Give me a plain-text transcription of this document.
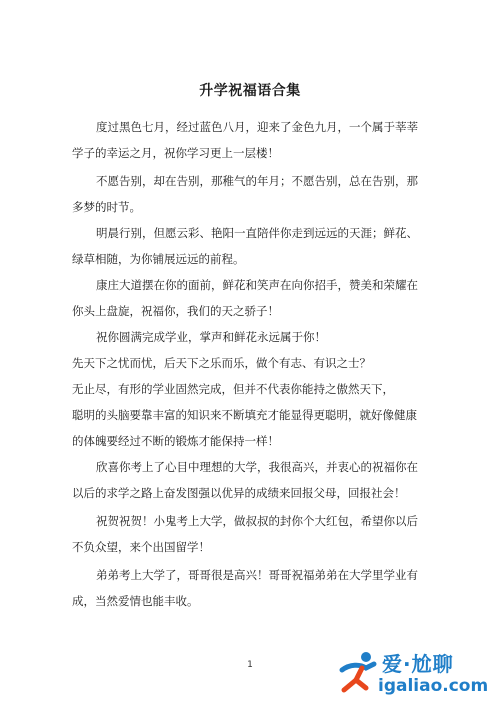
升学祝福语合集
度过黑色七月，经过蓝色八月，迎来了金色九月，一个属于莘莘
学子的幸运之月，祝你学习更上一层楼！
不愿告别，却在告别，那稚气的年月；不愿告别，总在告别，那
多梦的时节。
明晨行别，但愿云彩、艳阳一直陪伴你走到远远的天涯；鲜花、
绿草相随，为你铺展远远的前程。
康庄大道摆在你的面前，鲜花和笑声在向你招手，赞美和荣耀在
你头上盘旋，祝福你，我们的天之骄子！
祝你圆满完成学业，掌声和鲜花永远属于你！
先天下之忧而忧，后天下之乐而乐，做个有志、有识之士？
无止尽，有形的学业固然完成，但并不代表你能持之傲然天下，
聪明的头脑要靠丰富的知识来不断填充才能显得更聪明，就好像健康
的体魄要经过不断的锻炼才能保持一样！
欣喜你考上了心目中理想的大学，我很高兴，并衷心的祝福你在
以后的求学之路上奋发图强以优异的成绩来回报父母，回报社会！
祝贺祝贺！小鬼考上大学，做叔叔的封你个大红包，希望你以后
不负众望，来个出国留学！
弟弟考上大学了，哥哥很是高兴！哥哥祝福弟弟在大学里学业有
成，当然爱情也能丰收。
1	爱·尬聊
igaliao.com
